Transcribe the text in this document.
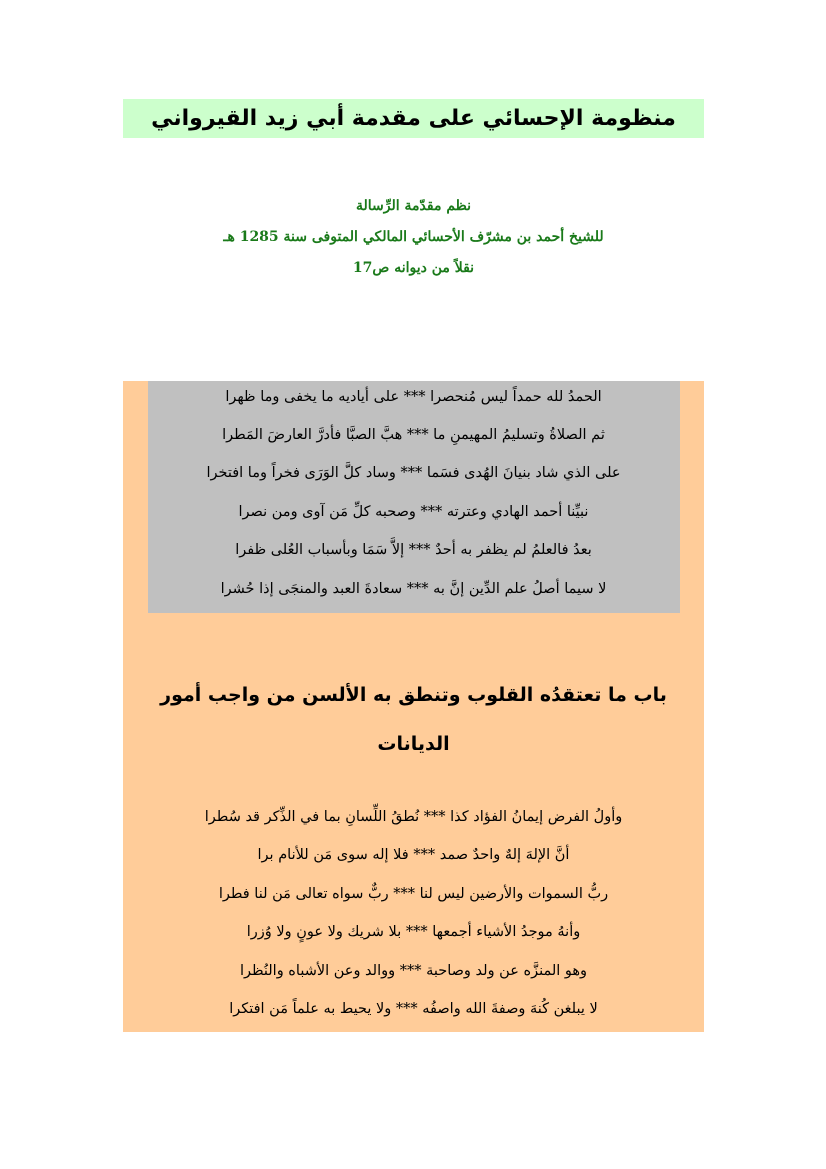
منظومة الإحسائي على مقدمة أبي زيد القيرواني
نظم مقدّمة الرِّسالة
للشيخ أحمد بن مشرّف الأحسائي المالكي المتوفى سنة 1285 هـ
نقلاً من ديوانه ص17
الحمدُ لله حمداً ليس مُنحصرا *** على أياديه ما يخفى وما ظهرا
ثم الصلاةُ وتسليمُ المهيمنِ ما *** هبَّ الصبَّا فأدرَّ العارضَ المَطرا
على الذي شاد بنيانَ الهُدى فسَما *** وساد كلَّ الوَرَى فخراً وما افتخرا
نبيِّنا أحمد الهادي وعترته *** وصحبه كلِّ مَن آوى ومن نصرا
بعدُ فالعلمُ لم يظفر به أحدٌ *** إلاَّ سَمَا وبأسباب العُلى ظفرا
لا سيما أصلُ علم الدِّين إنَّ به *** سعادةَ العبد والمنجَى إذا حُشرا
باب ما تعتقدُه القلوب وتنطق به الألسن من واجب أمور
الديانات
وأولُ الفرض إيمانُ الفؤاد كذا *** نُطقُ اللِّسانِ بما في الذِّكر قد سُطرا
أنَّ الإلهَ إلهٌ واحدٌ صمد *** فلا إله سوى مَن للأنام برا
ربُّ السموات والأرضين ليس لنا *** ربٌّ سواه تعالى مَن لنا فطرا
وأنهُ موجدُ الأشياء أجمعها *** بلا شريك ولا عونٍ ولا وُزرا
وهو المنزَّه عن ولد وصاحبة *** ووالد وعن الأشباه والنُظرا
لا يبلغن كُنهَ وصفةَ الله واصفُه *** ولا يحيط به علماً مَن افتكرا
